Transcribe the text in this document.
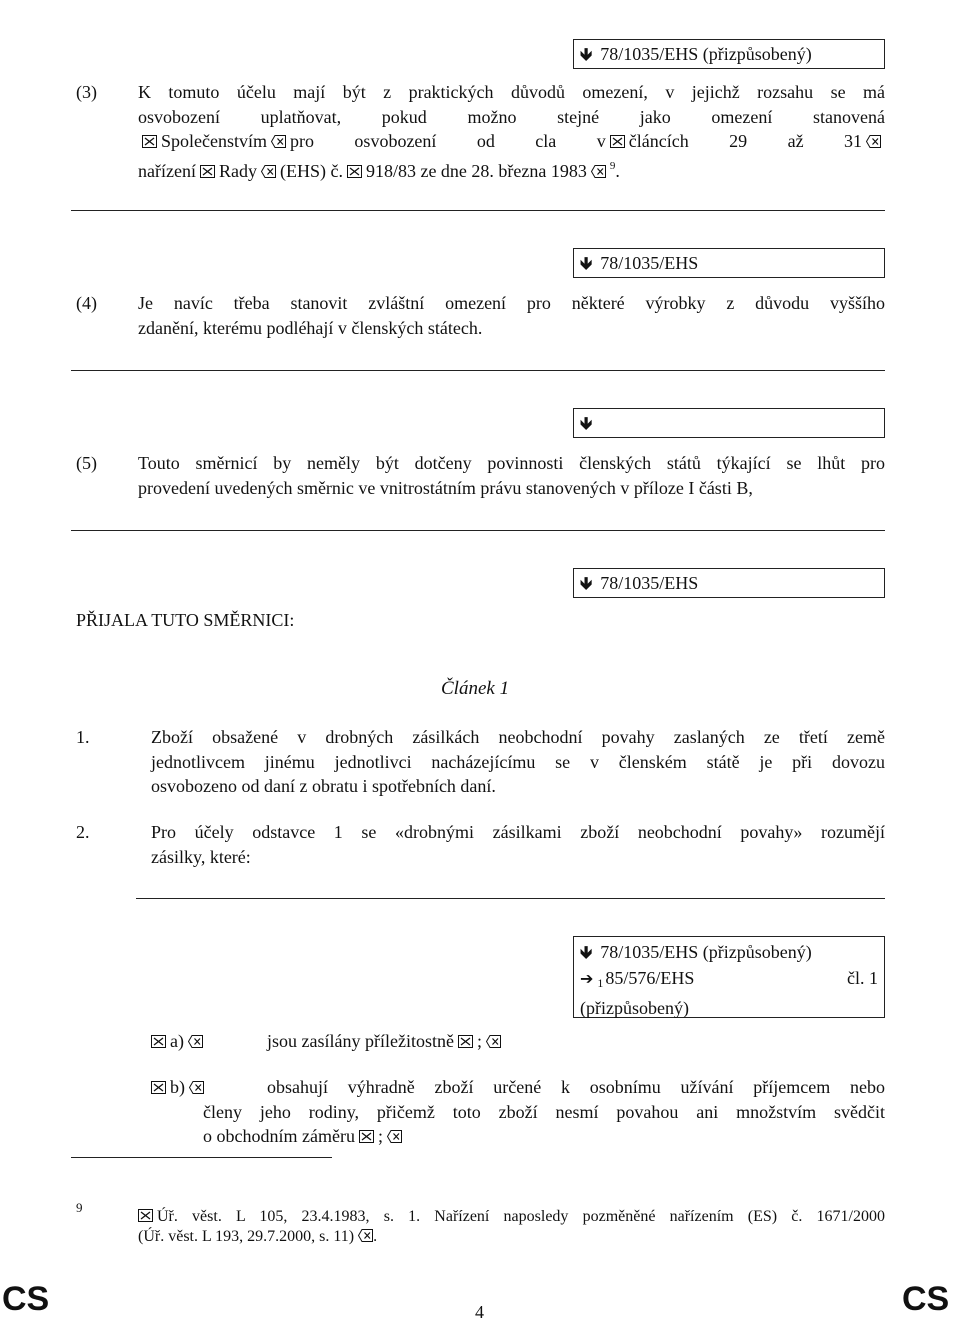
🡻 78/1035/EHS (přizpůsobený)
(3) K tomuto účelu mají být z praktických důvodů omezení, v jejichž rozsahu se má
osvobození uplatňovat, pokud možno stejné jako omezení stanovená
Společenstvím pro osvobození od cla v článcích 29 až 31
nařízení Rady (EHS) č. 918/83 ze dne 28. března 1983 $^9$.
🡻 78/1035/EHS
(4) Je navíc třeba stanovit zvláštní omezení pro některé výrobky z důvodu vyššího
zdanění, kterému podléhají v členských státech.
🡻
(5) Touto směrnicí by neměly být dotčeny povinnosti členských států týkající se lhůt pro
provedení uvedených směrnic ve vnitrostátním právu stanovených v příloze I části B,
🡻 78/1035/EHS
PŘIJALA TUTO SMĚRNICI:
Článek 1
1.	Zboží obsažené v drobných zásilkách neobchodní povahy zaslaných ze třetí země
jednotlivcem jinému jednotlivci nacházejícímu se v členském státě je při dovozu
osvobozeno od daní z obratu i spotřebních daní.
2.	Pro účely odstavce 1 se «drobnými zásilkami zboží neobchodní povahy» rozumějí
zásilky, které:
🡻 78/1035/EHS (přizpůsobený)
➔ $_1$ 85/576/EHS	čl. 1
(přizpůsobený)
a)	jsou zasílány příležitostně ;
b)	obsahují výhradně zboží určené k osobnímu užívání příjemcem nebo
členy jeho rodiny, přičemž toto zboží nesmí povahou ani množstvím svědčit
o obchodním záměru ;
9
Úř. věst. L 105, 23.4.1983, s. 1. Nařízení naposledy pozměněné nařízením (ES) č. 1671/2000
(Úř. věst. L 193, 29.7.2000, s. 11) .
CS	4	CS
